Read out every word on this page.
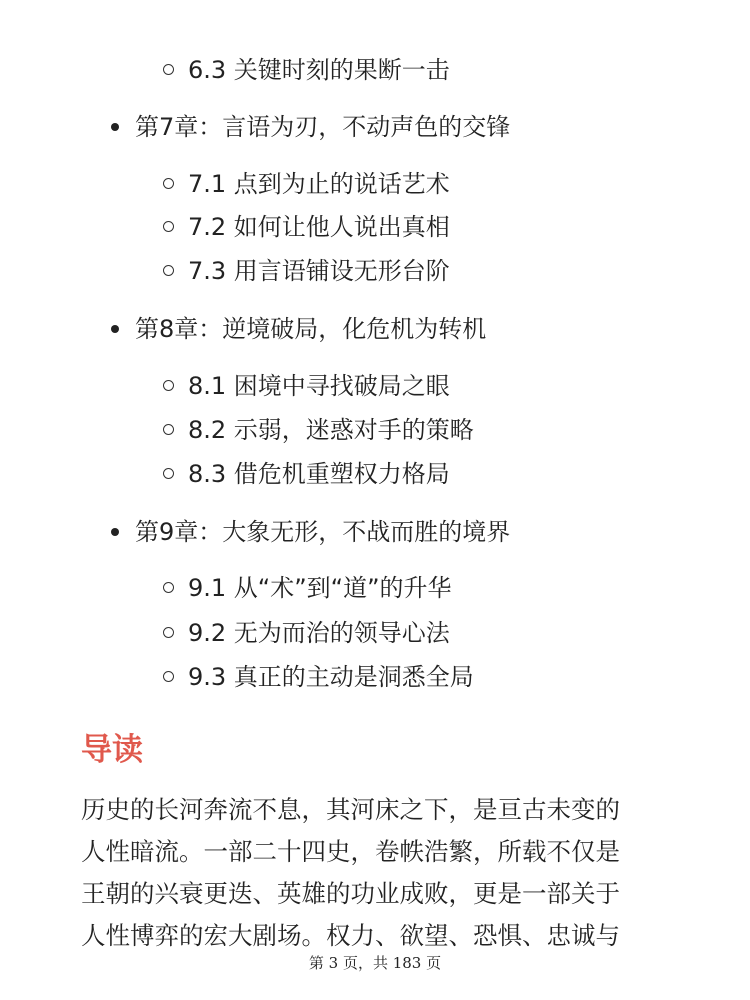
6.3 关键时刻的果断一击
第7章：言语为刃，不动声色的交锋
7.1 点到为止的说话艺术
7.2 如何让他人说出真相
7.3 用言语铺设无形台阶
第8章：逆境破局，化危机为转机
8.1 困境中寻找破局之眼
8.2 示弱，迷惑对手的策略
8.3 借危机重塑权力格局
第9章：大象无形，不战而胜的境界
9.1 从“术”到“道”的升华
9.2 无为而治的领导心法
9.3 真正的主动是洞悉全局
导读
历史的长河奔流不息，其河床之下，是亘古未变的
人性暗流。一部二十四史，卷帙浩繁，所载不仅是
王朝的兴衰更迭、英雄的功业成败，更是一部关于
人性博弈的宏大剧场。权力、欲望、恐惧、忠诚与
第 3 页，共 183 页
